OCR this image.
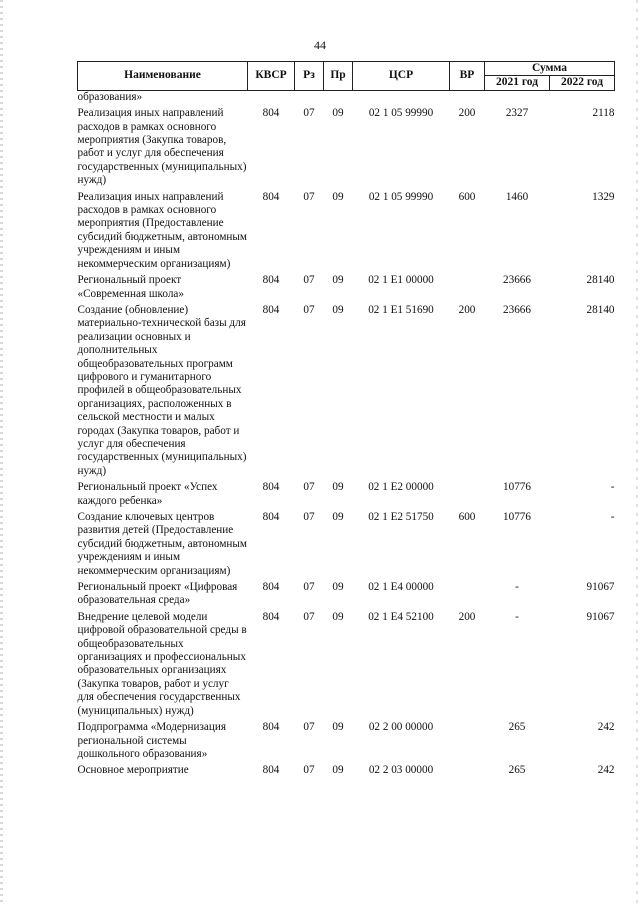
44
Наименование	КВСР	Рз	Пр	ЦСР	ВР	Сумма	
						2021 год	2022 год
образования»							
Реализация иных направлений расходов в рамках основного мероприятия (Закупка товаров, работ и услуг для обеспечения государственных (муниципальных) нужд)	804	07	09	02 1 05 99990	200	2327	2118
Реализация иных направлений расходов в рамках основного мероприятия (Предоставление субсидий бюджетным, автономным учреждениям и иным некоммерческим организациям)	804	07	09	02 1 05 99990	600	1460	1329
Региональный проект «Современная школа»	804	07	09	02 1 E1 00000		23666	28140
Создание (обновление) материально-технической базы для реализации основных и дополнительных общеобразовательных программ цифрового и гуманитарного профилей в общеобразовательных организациях, расположенных в сельской местности и малых городах (Закупка товаров, работ и услуг для обеспечения государственных (муниципальных) нужд)	804	07	09	02 1 E1 51690	200	23666	28140
Региональный проект «Успех каждого ребенка»	804	07	09	02 1 E2 00000		10776	-
Создание ключевых центров развития детей (Предоставление субсидий бюджетным, автономным учреждениям и иным некоммерческим организациям)	804	07	09	02 1 E2 51750	600	10776	-
Региональный проект «Цифровая образовательная среда»	804	07	09	02 1 E4 00000		-	91067
Внедрение целевой модели цифровой образовательной среды в общеобразовательных организациях и профессиональных образовательных организациях (Закупка товаров, работ и услуг для обеспечения государственных (муниципальных) нужд)	804	07	09	02 1 E4 52100	200	-	91067
Подпрограмма «Модернизация региональной системы дошкольного образования»	804	07	09	02 2 00 00000		265	242
Основное мероприятие	804	07	09	02 2 03 00000		265	242
